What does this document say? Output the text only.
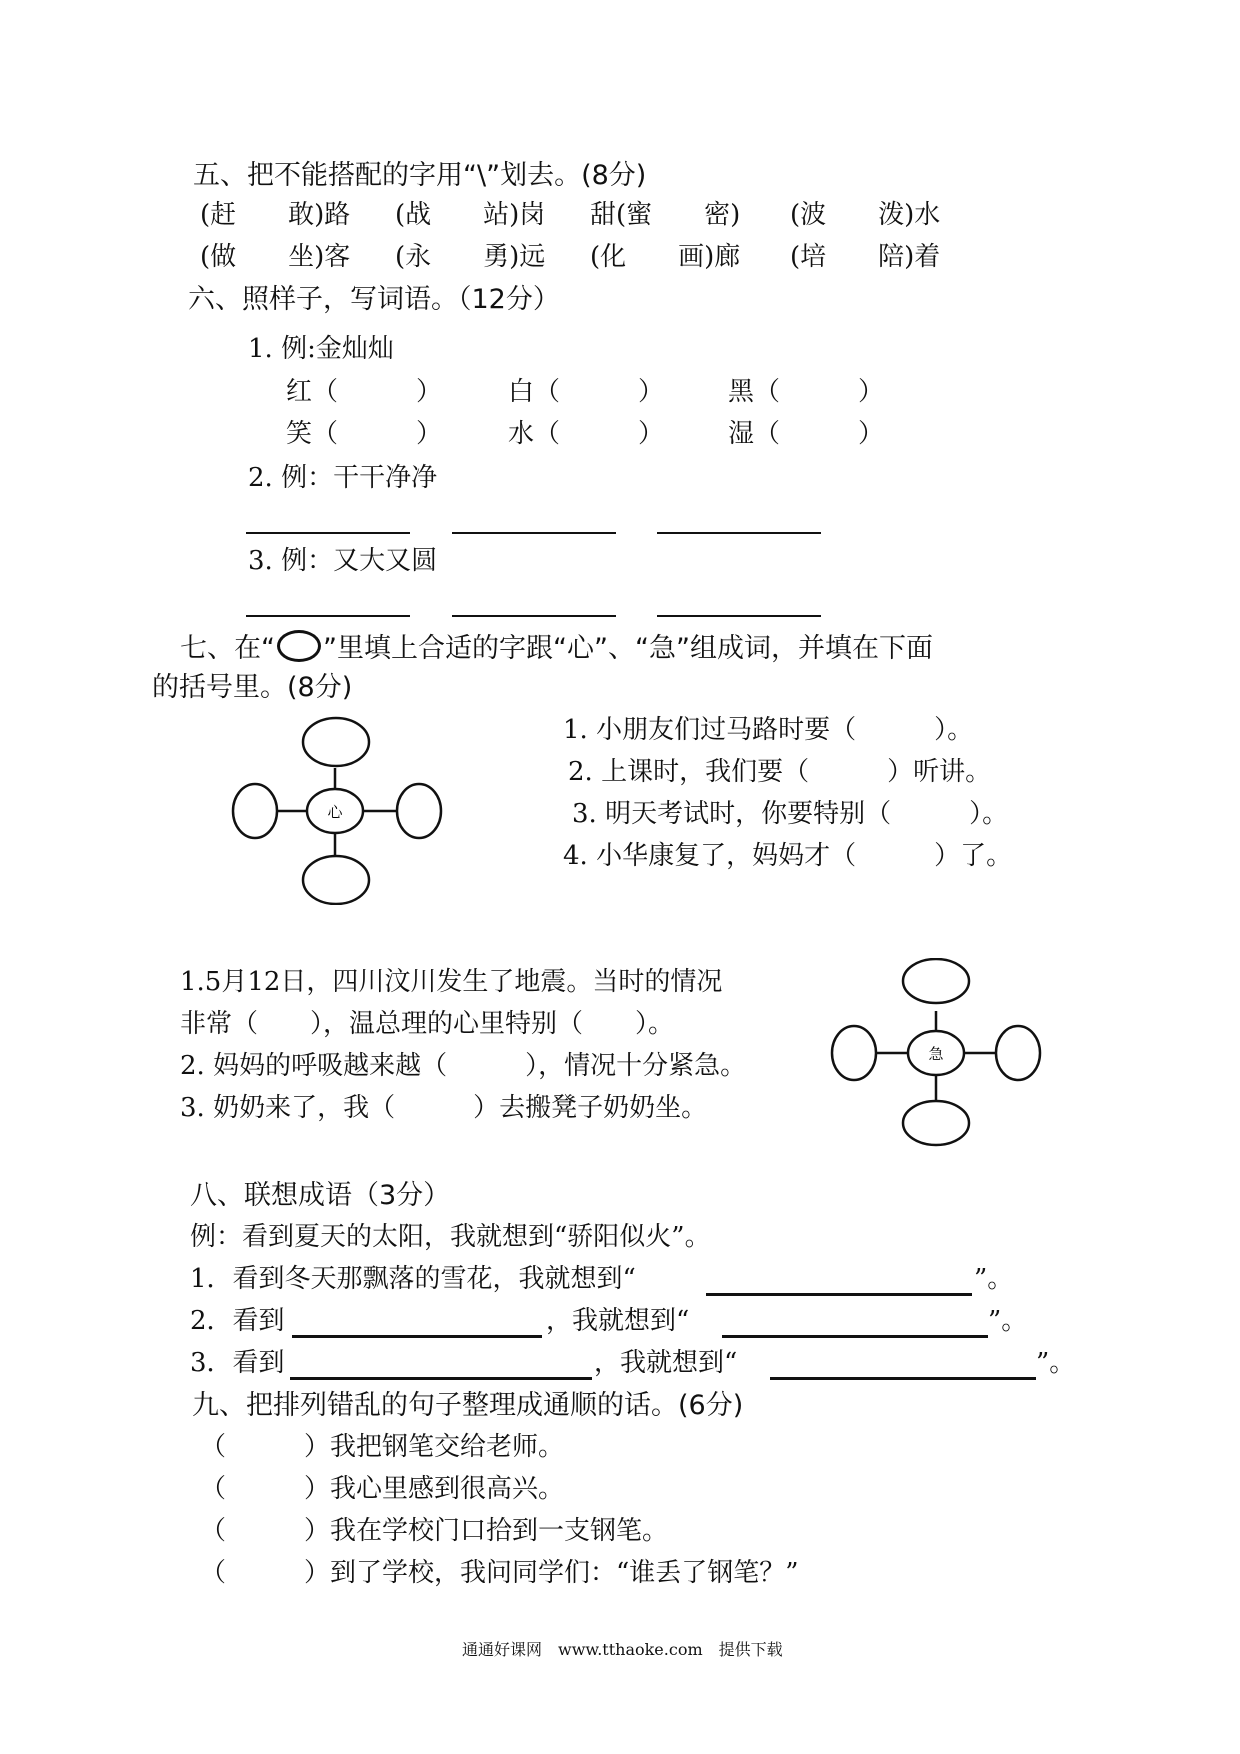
五、把不能搭配的字用“\”划去。(8分)
(赶　　敢)路 (战　　站)岗 甜(蜜　　密) (波　　泼)水
(做　　坐)客 (永　　勇)远 (化　　画)廊 (培　　陪)着
六、照样子，写词语。（12分）
1. 例:金灿灿
红（　　　）	白（　　　） 黑（　　　）
笑（　　　）	水（　　　） 湿（　　　）
2. 例：干干净净
3. 例：又大又圆
七、在“ ”里填上合适的字跟“心”、“急”组成词，并填在下面
的括号里。(8分)
心
1. 小朋友们过马路时要（　　　）。
2. 上课时，我们要（　　　）听讲。
3. 明天考试时，你要特别（　　　）。
4. 小华康复了，妈妈才（　　　）了。
1.5月12日，四川汶川发生了地震。当时的情况
非常（　　），温总理的心里特别（　　）。
2. 妈妈的呼吸越来越（　　　），情况十分紧急。
3. 奶奶来了，我（　　　）去搬凳子奶奶坐。
急
八、联想成语（3分）
例：看到夏天的太阳，我就想到“骄阳似火”。
1．看到冬天那飘落的雪花，我就想到“	”。
2．看到	，我就想到“	”。
3．看到	，我就想到“	”。
九、把排列错乱的句子整理成通顺的话。(6分)
（　　　）我把钢笔交给老师。
（　　　）我心里感到很高兴。
（　　　）我在学校门口拾到一支钢笔。
（　　　）到了学校，我问同学们：“谁丢了钢笔？”
通通好课网　www.tthaoke.com　提供下载
